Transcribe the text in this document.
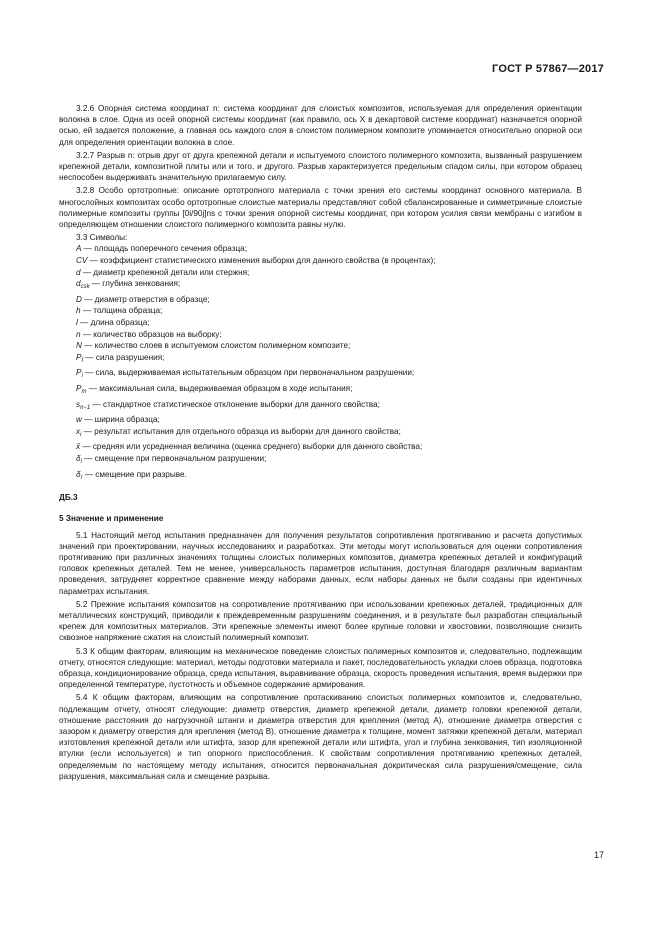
ГОСТ Р 57867—2017

3.2.6 Опорная система координат n: система координат для слоистых композитов, используемая для определения ориентации волокна в слое. Одна из осей опорной системы координат (как правило, ось X в декартовой системе координат) назначается опорной осью, ей задается положение, а главная ось каждого слоя в слоистом полимерном композите упоминается относительно опорной оси для определения ориентации волокна в слое.

3.2.7 Разрыв n: отрыв друг от друга крепежной детали и испытуемого слоистого полимерного композита, вызванный разрушением крепежной детали, композитной плиты или и того, и другого. Разрыв характеризуется предельным спадом силы, при котором образец неспособен выдерживать значительную прилагаемую силу.

3.2.8 Особо ортотропные: описание ортотропного материала с точки зрения его системы координат основного материала. В многослойных композитах особо ортотропные слоистые материалы представляют собой сбалансированные и симметричные слоистые полимерные композиты группы [0i/90j]ns с точки зрения опорной системы координат, при котором усилия связи мембраны с изгибом в определяющем отношении слоистого полимерного композита равны нулю.

3.3 Символы:

A — площадь поперечного сечения образца;
CV — коэффициент статистического изменения выборки для данного свойства (в процентах);
d — диаметр крепежной детали или стержня;
$d_{csk}$ — глубина зенкования;
D — диаметр отверстия в образце;
h — толщина образца;
l — длина образца;
n — количество образцов на выборку;
N — количество слоев в испытуемом слоистом полимерном композите;
$P_f$ — сила разрушения;
$P_i$ — сила, выдерживаемая испытательным образцом при первоначальном разрушении;
$P_m$ — максимальная сила, выдерживаемая образцом в ходе испытания;
$s_{n-1}$ — стандартное статистическое отклонение выборки для данного свойства;
w — ширина образца;
$x_i$ — результат испытания для отдельного образца из выборки для данного свойства;
x̄ — средняя или усредненная величина (оценка среднего) выборки для данного свойства;
$\delta_i$ — смещение при первоначальном разрушении;
$\delta_r$ — смещение при разрыве.
ДБ.3
5 Значение и применение

5.1 Настоящий метод испытания предназначен для получения результатов сопротивления протягиванию и расчета допустимых значений при проектировании, научных исследованиях и разработках. Эти методы могут использоваться для оценки сопротивления протягиванию при различных значениях толщины слоистых полимерных композитов, диаметра крепежных деталей и конфигураций головок крепежных деталей. Тем не менее, универсальность параметров испытания, доступная благодаря различным вариантам проведения, затрудняет корректное сравнение между наборами данных, если наборы данных не были созданы при идентичных параметрах испытания.

5.2 Прежние испытания композитов на сопротивление протягиванию при использовании крепежных деталей, традиционных для металлических конструкций, приводили к преждевременным разрушениям соединения, и в результате был разработан специальный крепеж для композитных материалов. Эти крепежные элементы имеют более крупные головки и хвостовики, позволяющие снизить сквозное напряжение сжатия на слоистый полимерный композит.

5.3 К общим факторам, влияющим на механическое поведение слоистых полимерных композитов и, следовательно, подлежащим отчету, относятся следующие: материал, методы подготовки материала и пакет, последовательность укладки слоев образца, подготовка образца, кондиционирование образца, среда испытания, выравнивание образца, скорость проведения испытания, время выдержки при определенной температуре, пустотность и объемное содержание армирования.

5.4 К общим факторам, влияющим на сопротивление протаскиванию слоистых полимерных композитов и, следовательно, подлежащим отчету, относят следующие: диаметр отверстия, диаметр крепежной детали, диаметр головки крепежной детали, отношение расстояния до нагрузочной штанги и диаметра отверстия для крепления (метод A), отношение диаметра отверстия с зазором к диаметру отверстия для крепления (метод B), отношение диаметра к толщине, момент затяжки крепежной детали, материал изготовления крепежной детали или штифта, зазор для крепежной детали или штифта, угол и глубина зенкования, тип изоляционной втулки (если используется) и тип опорного приспособления. К свойствам сопротивления протягиванию крепежных деталей, определяемым по настоящему методу испытания, относится первоначальная докритическая сила разрушения/смещение, сила разрушения, максимальная сила и смещение разрыва.

17
